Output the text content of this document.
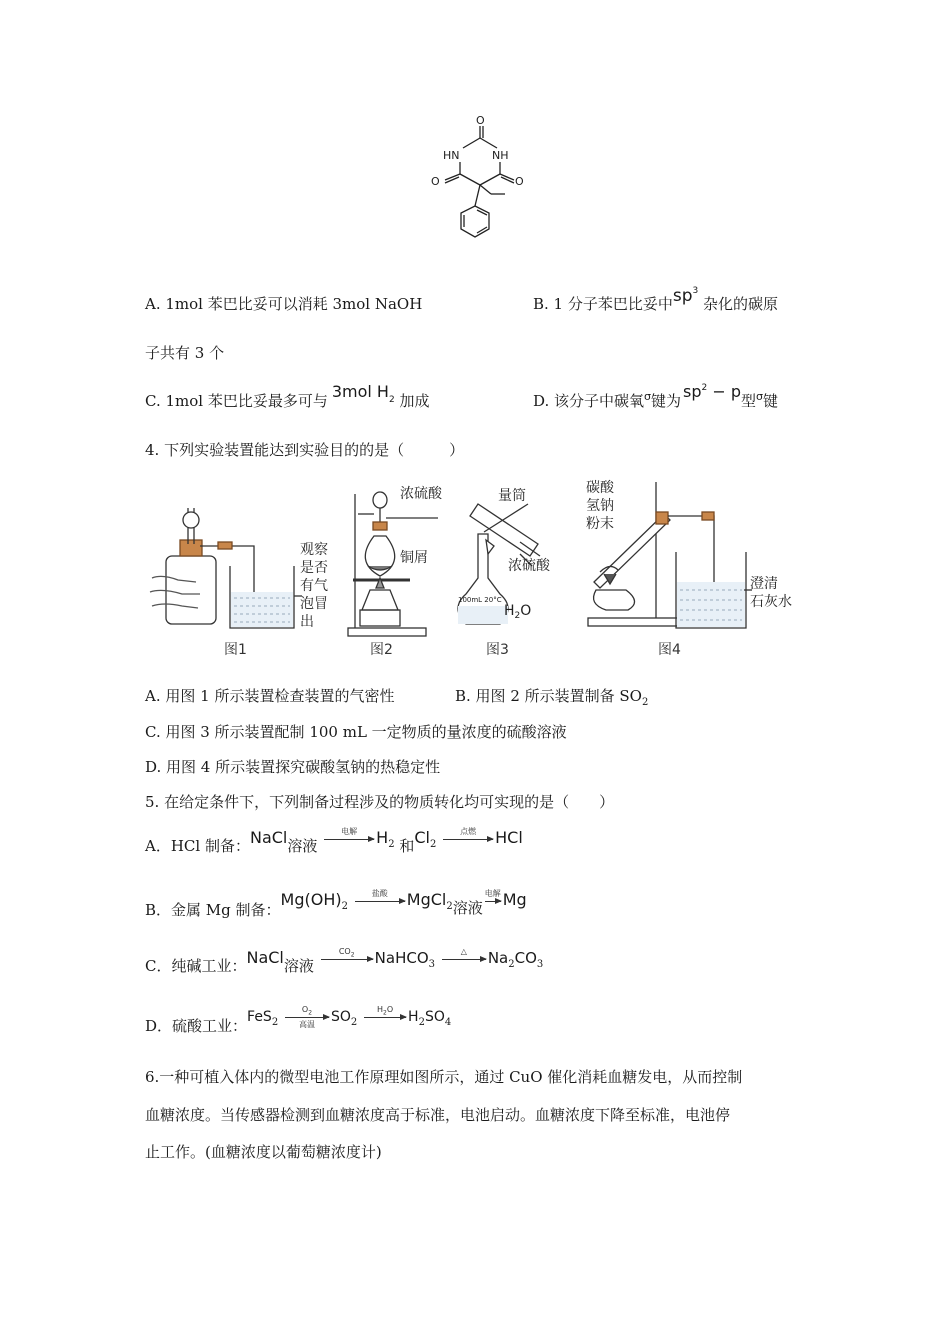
O
HN	NH
O	O
A. 1mol 苯巴比妥可以消耗 3mol NaOH	B. 1 分子苯巴比妥中$sp^3$ 杂化的碳原
子共有 3 个
C. 1mol 苯巴比妥最多可与 3mol $H^2$ 加成	D. 该分子中碳氧$^\sigma$键为 $sp^2 - p$型$^\sigma$键
4. 下列实验装置能达到实验目的的是（　　　）
观察
是否
有气
泡冒
出
浓硫酸
铜屑
量筒
浓硫酸
$H_2O$
碳酸
氢钠
粉末
澄清
石灰水
100mL 20°C
图1	图2	图3	图4
A. 用图 1 所示装置检查装置的气密性	B. 用图 2 所示装置制备 $SO_2$
C. 用图 3 所示装置配制 100 mL 一定物质的量浓度的硫酸溶液
D. 用图 4 所示装置探究碳酸氢钠的热稳定性
5. 在给定条件下，下列制备过程涉及的物质转化均可实现的是（　　）
A．HCl 制备：NaCl溶液
电解	$H_2$ 和$Cl_2$
点燃	HCl
B．金属 Mg 制备：$Mg(OH)_2$
盐酸	MgCl$_2$溶液
电解 Mg
C．纯碱工业：NaCl溶液
$CO_2$	NaHCO$_3$
△	$Na_2CO_3$
D．硫酸工业：FeS$_2$
$O_2$
高温	$SO_2$
$H_2O$	$H_2SO_4$
6.一种可植入体内的微型电池工作原理如图所示，通过 CuO 催化消耗血糖发电，从而控制
血糖浓度。当传感器检测到血糖浓度高于标准，电池启动。血糖浓度下降至标准，电池停
止工作。(血糖浓度以葡萄糖浓度计)
